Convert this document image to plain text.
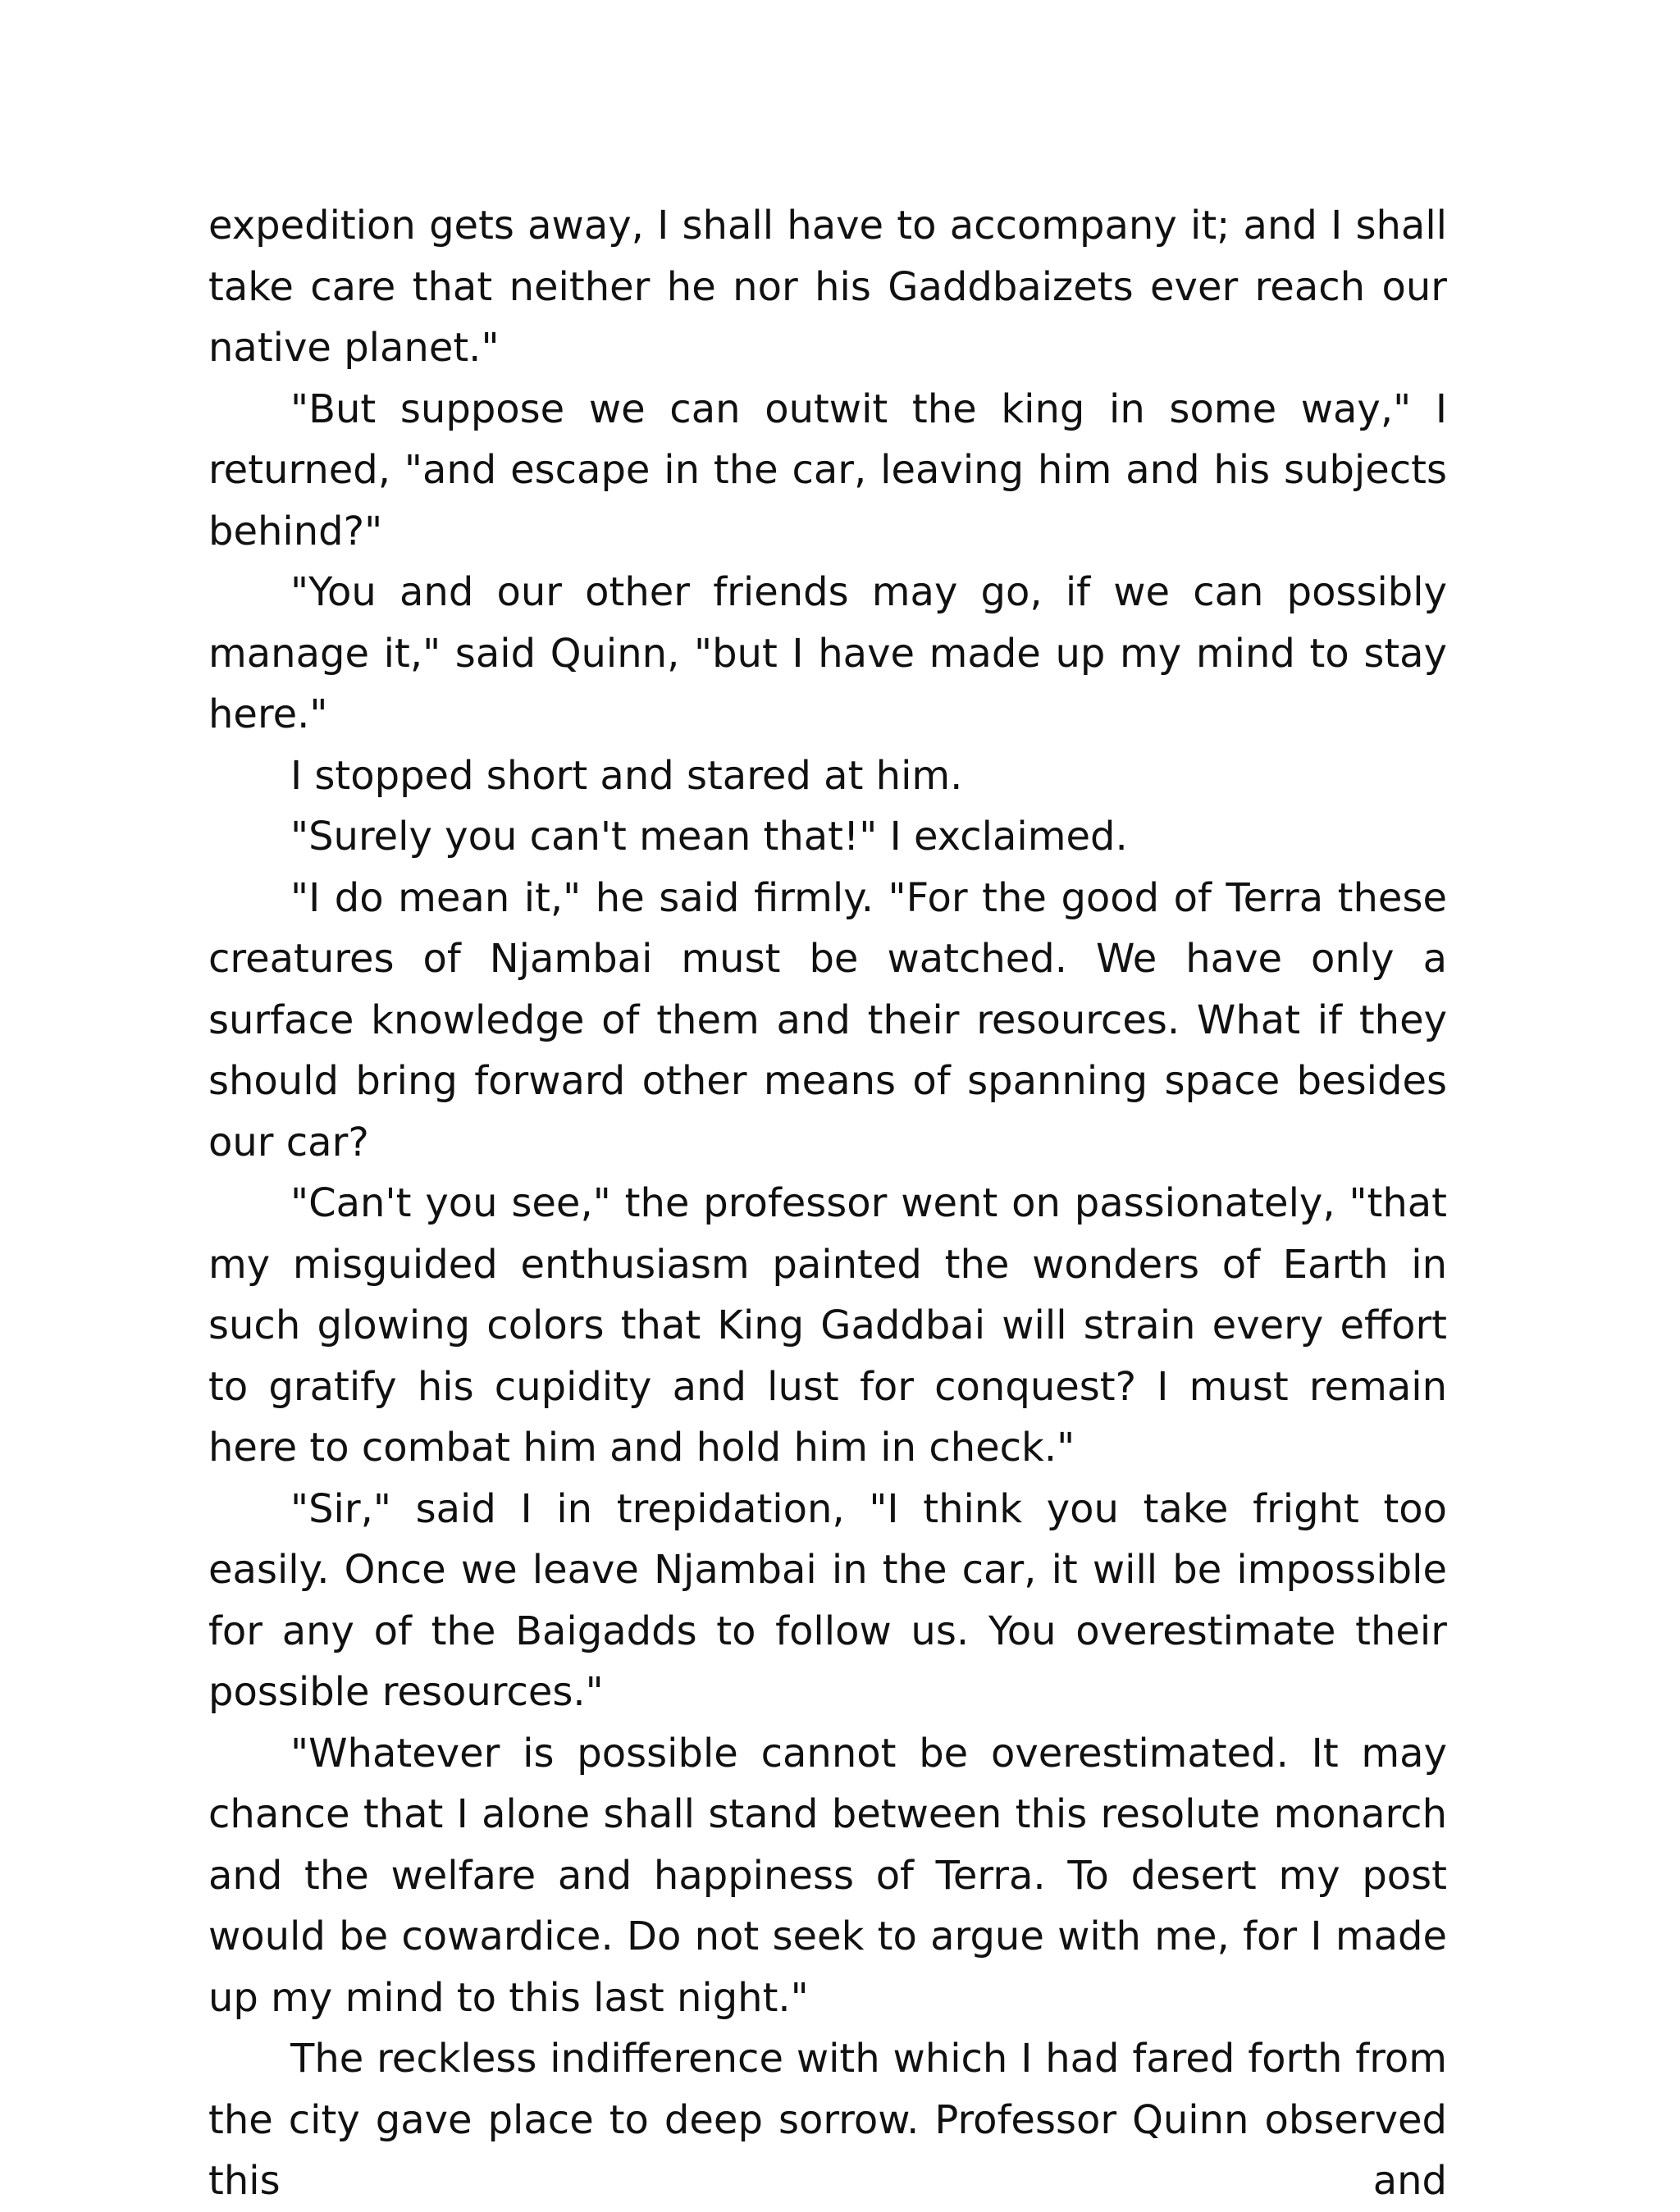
expedition gets away, I shall have to accompany it; and I shall take care that neither he nor his Gaddbaizets ever reach our native planet."

"But suppose we can outwit the king in some way," I returned, "and escape in the car, leaving him and his subjects behind?"

"You and our other friends may go, if we can possibly manage it," said Quinn, "but I have made up my mind to stay here."

I stopped short and stared at him.

"Surely you can't mean that!" I exclaimed.

"I do mean it," he said firmly. "For the good of Terra these creatures of Njambai must be watched. We have only a surface knowledge of them and their resources. What if they should bring forward other means of spanning space besides our car?

"Can't you see," the professor went on passionately, "that my misguided enthusiasm painted the wonders of Earth in such glowing colors that King Gaddbai will strain every effort to gratify his cupidity and lust for conquest? I must remain here to combat him and hold him in check."

"Sir," said I in trepidation, "I think you take fright too easily. Once we leave Njambai in the car, it will be impossible for any of the Baigadds to follow us. You overestimate their possible resources."

"Whatever is possible cannot be overestimated. It may chance that I alone shall stand between this resolute monarch and the welfare and happiness of Terra. To desert my post would be cowardice. Do not seek to argue with me, for I made up my mind to this last night."

The reckless indifference with which I had fared forth from the city gave place to deep sorrow. Professor Quinn observed this and
